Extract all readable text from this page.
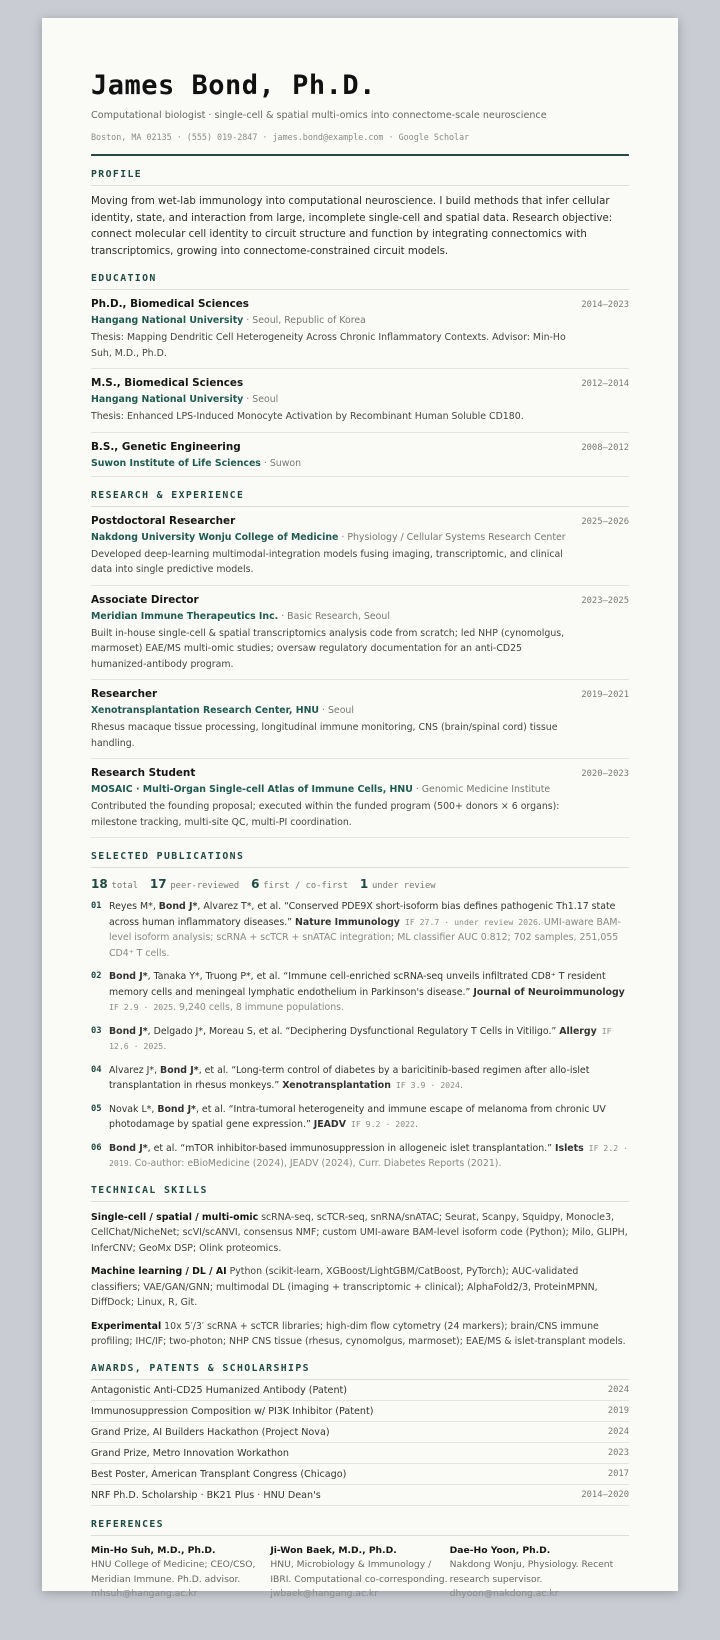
James Bond, Ph.D.
Computational biologist · single-cell & spatial multi-omics into connectome-scale neuroscience
Boston, MA 02135 · (555) 019-2847 · james.bond@example.com · Google Scholar
PROFILE
Moving from wet-lab immunology into computational neuroscience. I build methods that infer cellular identity, state, and interaction from large, incomplete single-cell and spatial data. Research objective: connect molecular cell identity to circuit structure and function by integrating connectomics with transcriptomics, growing into connectome-constrained circuit models.
EDUCATION
Ph.D., Biomedical Sciences	2014–2023
Hangang National University · Seoul, Republic of Korea
Thesis: Mapping Dendritic Cell Heterogeneity Across Chronic Inflammatory Contexts. Advisor: Min-Ho Suh, M.D., Ph.D.
M.S., Biomedical Sciences	2012–2014
Hangang National University · Seoul
Thesis: Enhanced LPS-Induced Monocyte Activation by Recombinant Human Soluble CD180.
B.S., Genetic Engineering	2008–2012
Suwon Institute of Life Sciences · Suwon
RESEARCH & EXPERIENCE
Postdoctoral Researcher	2025–2026
Nakdong University Wonju College of Medicine · Physiology / Cellular Systems Research Center
Developed deep-learning multimodal-integration models fusing imaging, transcriptomic, and clinical data into single predictive models.
Associate Director	2023–2025
Meridian Immune Therapeutics Inc. · Basic Research, Seoul
Built in-house single-cell & spatial transcriptomics analysis code from scratch; led NHP (cynomolgus, marmoset) EAE/MS multi-omic studies; oversaw regulatory documentation for an anti-CD25 humanized-antibody program.
Researcher	2019–2021
Xenotransplantation Research Center, HNU · Seoul
Rhesus macaque tissue processing, longitudinal immune monitoring, CNS (brain/spinal cord) tissue handling.
Research Student	2020–2023
MOSAIC · Multi-Organ Single-cell Atlas of Immune Cells, HNU · Genomic Medicine Institute
Contributed the founding proposal; executed within the funded program (500+ donors × 6 organs): milestone tracking, multi-site QC, multi-PI coordination.
SELECTED PUBLICATIONS
18 total 17 peer-reviewed 6 first / co-first 1 under review
01 Reyes M*, Bond J*, Alvarez T*, et al. “Conserved PDE9X short-isoform bias defines pathogenic Th1.17 state across human inflammatory diseases.” Nature Immunology IF 27.7 · under review 2026. UMI-aware BAM-level isoform analysis; scRNA + scTCR + snATAC integration; ML classifier AUC 0.812; 702 samples, 251,055 CD4⁺ T cells.
02 Bond J*, Tanaka Y*, Truong P*, et al. “Immune cell-enriched scRNA-seq unveils infiltrated CD8⁺ T resident memory cells and meningeal lymphatic endothelium in Parkinson's disease.” Journal of Neuroimmunology IF 2.9 · 2025. 9,240 cells, 8 immune populations.
03 Bond J*, Delgado J*, Moreau S, et al. “Deciphering Dysfunctional Regulatory T Cells in Vitiligo.” Allergy IF 12.6 · 2025.
04 Alvarez J*, Bond J*, et al. “Long-term control of diabetes by a baricitinib-based regimen after allo-islet transplantation in rhesus monkeys.” Xenotransplantation IF 3.9 · 2024.
05 Novak L*, Bond J*, et al. “Intra-tumoral heterogeneity and immune escape of melanoma from chronic UV photodamage by spatial gene expression.” JEADV IF 9.2 · 2022.
06 Bond J*, et al. “mTOR inhibitor-based immunosuppression in allogeneic islet transplantation.” Islets IF 2.2 · 2019. Co-author: eBioMedicine (2024), JEADV (2024), Curr. Diabetes Reports (2021).
TECHNICAL SKILLS
Single-cell / spatial / multi-omic scRNA-seq, scTCR-seq, snRNA/snATAC; Seurat, Scanpy, Squidpy, Monocle3, CellChat/NicheNet; scVI/scANVI, consensus NMF; custom UMI-aware BAM-level isoform code (Python); Milo, GLIPH, InferCNV; GeoMx DSP; Olink proteomics.
Machine learning / DL / AI Python (scikit-learn, XGBoost/LightGBM/CatBoost, PyTorch); AUC-validated classifiers; VAE/GAN/GNN; multimodal DL (imaging + transcriptomic + clinical); AlphaFold2/3, ProteinMPNN, DiffDock; Linux, R, Git.
Experimental 10x 5′/3′ scRNA + scTCR libraries; high-dim flow cytometry (24 markers); brain/CNS immune profiling; IHC/IF; two-photon; NHP CNS tissue (rhesus, cynomolgus, marmoset); EAE/MS & islet-transplant models.
AWARDS, PATENTS & SCHOLARSHIPS
Antagonistic Anti-CD25 Humanized Antibody (Patent)	2024
Immunosuppression Composition w/ PI3K Inhibitor (Patent)	2019
Grand Prize, AI Builders Hackathon (Project Nova)	2024
Grand Prize, Metro Innovation Workathon	2023
Best Poster, American Transplant Congress (Chicago)	2017
NRF Ph.D. Scholarship · BK21 Plus · HNU Dean's	2014–2020
REFERENCES
Min-Ho Suh, M.D., Ph.D.
HNU College of Medicine; CEO/CSO, Meridian Immune. Ph.D. advisor.
mhsuh@hangang.ac.kr
Ji-Won Baek, M.D., Ph.D.
HNU, Microbiology & Immunology / IBRI. Computational co-corresponding.
jwbaek@hangang.ac.kr
Dae-Ho Yoon, Ph.D.
Nakdong Wonju, Physiology. Recent research supervisor.
dhyoon@nakdong.ac.kr
